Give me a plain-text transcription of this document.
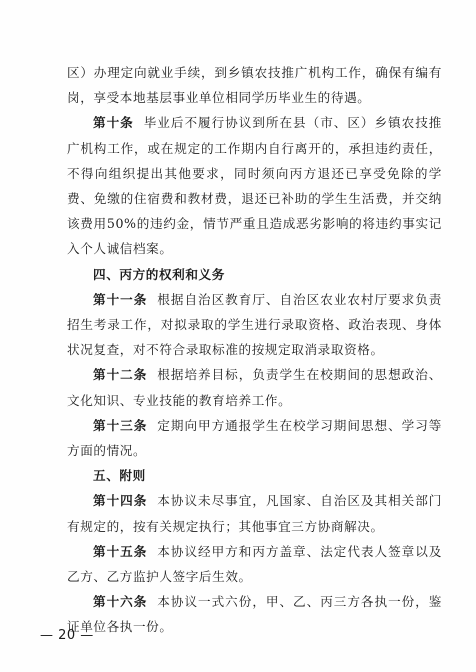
区）办理定向就业手续，到乡镇农技推广机构工作，确保有编有岗，享受本地基层事业单位相同学历毕业生的待遇。

第十条 毕业后不履行协议到所在县（市、区）乡镇农技推广机构工作，或在规定的工作期内自行离开的，承担违约责任，不得向组织提出其他要求，同时须向丙方退还已享受免除的学费、免缴的住宿费和教材费，退还已补助的学生生活费，并交纳该费用50%的违约金，情节严重且造成恶劣影响的将违约事实记入个人诚信档案。

四、丙方的权利和义务

第十一条 根据自治区教育厅、自治区农业农村厅要求负责招生考录工作，对拟录取的学生进行录取资格、政治表现、身体状况复查，对不符合录取标准的按规定取消录取资格。

第十二条 根据培养目标，负责学生在校期间的思想政治、文化知识、专业技能的教育培养工作。

第十三条 定期向甲方通报学生在校学习期间思想、学习等方面的情况。

五、附则

第十四条 本协议未尽事宜，凡国家、自治区及其相关部门有规定的，按有关规定执行；其他事宜三方协商解决。

第十五条 本协议经甲方和丙方盖章、法定代表人签章以及乙方、乙方监护人签字后生效。

第十六条 本协议一式六份，甲、乙、丙三方各执一份，鉴证单位各执一份。

— 20 —
